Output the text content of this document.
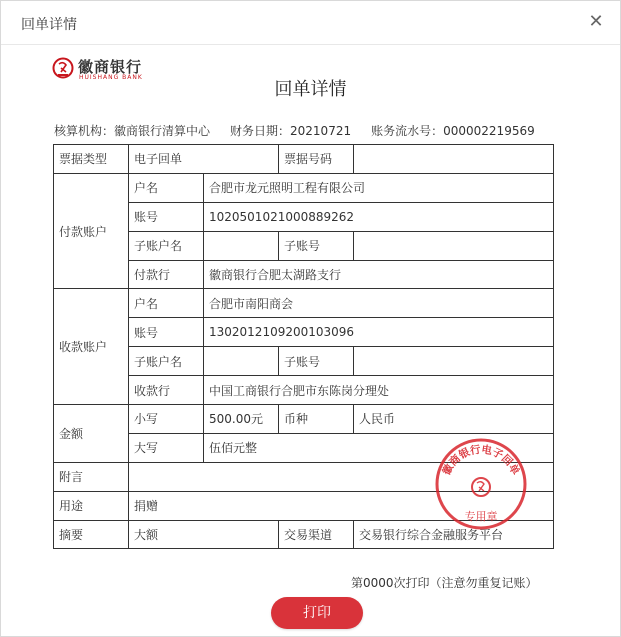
回单详情	✕
徽商银行
HUISHANG BANK
回单详情
核算机构：徽商银行清算中心 财务日期：20210721 账务流水号：000002219569
票据类型	电子回单		票据号码	
付款账户	户名	合肥市龙元照明工程有限公司		
	账号	102050102100088926​2		
	子账户名		子账号	
	付款行	徽商银行合肥太湖路支行		
收款账户	户名	合肥市南阳商会		
	账号	1302012109200103096		
	子账户名		子账号	
	收款行	中国工商银行合肥市东陈岗分理处		
金额	小写	500.00元	币种	人民币
	大写	伍佰元整		
附言				
用途	捐赠			
摘要	大额		交易渠道	交易银行综合金融服务平台
徽商银行电子回单
专用章
第0000次打印（注意勿重复记账）
打印
